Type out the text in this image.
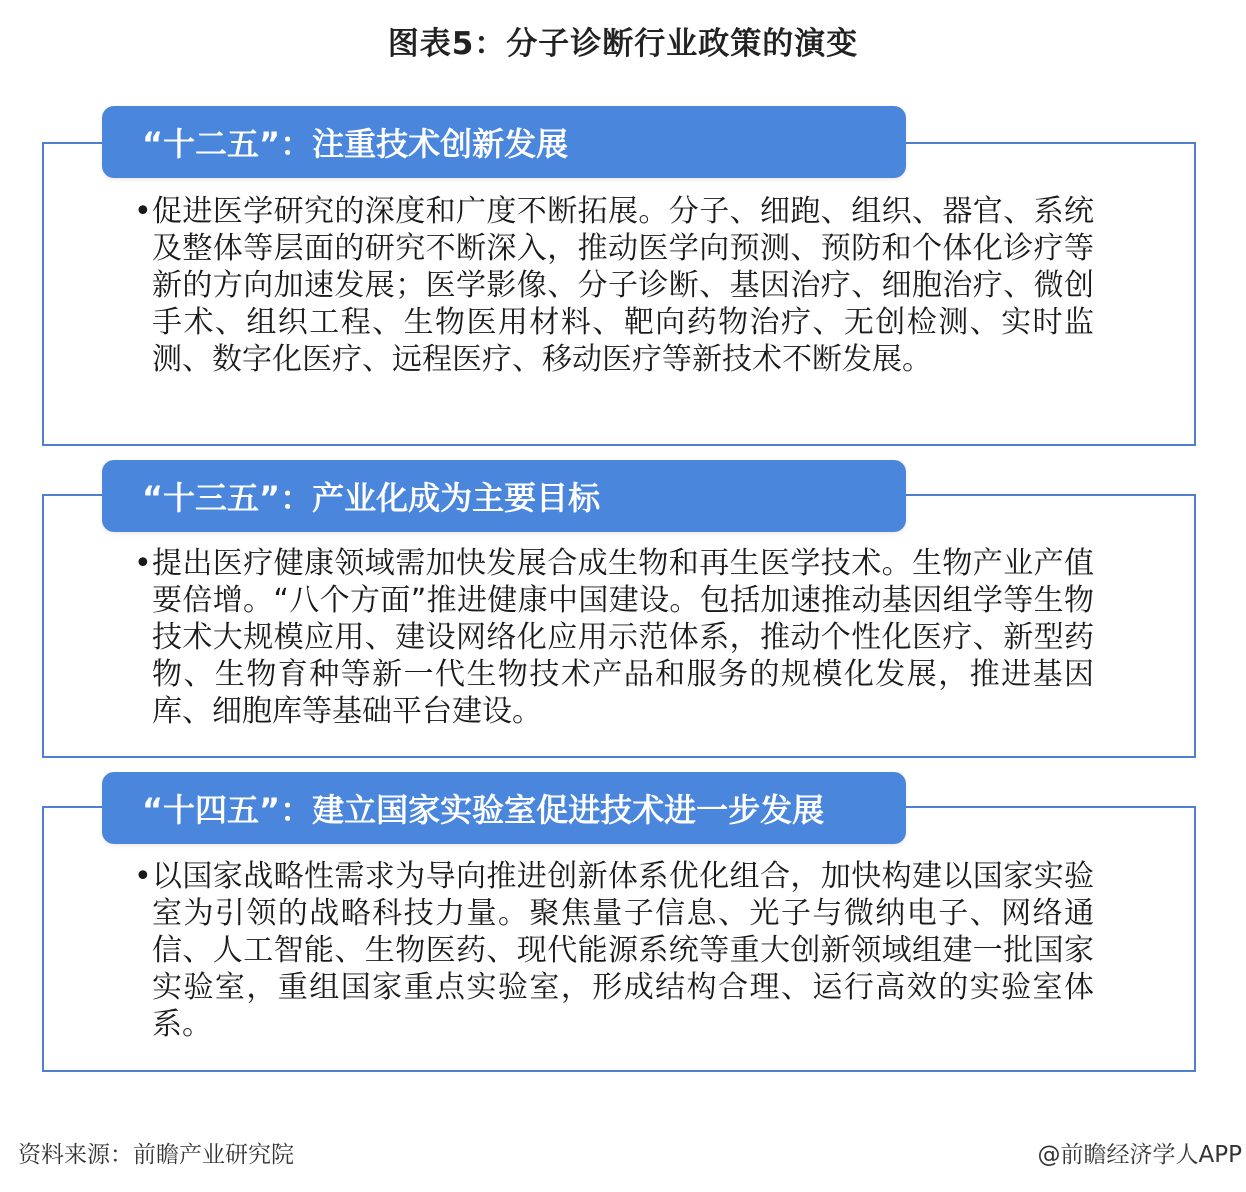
图表5：分子诊断行业政策的演变
“十二五”：注重技术创新发展
• 促进医学研究的深度和广度不断拓展。分子、细跑、组织、器官、系统及整体等层面的研究不断深入，推动医学向预测、预防和个体化诊疗等新的方向加速发展；医学影像、分子诊断、基因治疗、细胞治疗、微创手术、组织工程、生物医用材料、靶向药物治疗、无创检测、实时监测、数字化医疗、远程医疗、移动医疗等新技术不断发展。
“十三五”：产业化成为主要目标
• 提出医疗健康领域需加快发展合成生物和再生医学技术。生物产业产值要倍增。“八个方面”推进健康中国建设。包括加速推动基因组学等生物技术大规模应用、建设网络化应用示范体系，推动个性化医疗、新型药物、生物育种等新一代生物技术产品和服务的规模化发展，推进基因库、细胞库等基础平台建设。
“十四五”：建立国家实验室促进技术进一步发展
• 以国家战略性需求为导向推进创新体系优化组合，加快构建以国家实验室为引领的战略科技力量。聚焦量子信息、光子与微纳电子、网络通信、人工智能、生物医药、现代能源系统等重大创新领域组建一批国家实验室，重组国家重点实验室，形成结构合理、运行高效的实验室体系。
资料来源：前瞻产业研究院	@前瞻经济学人APP
